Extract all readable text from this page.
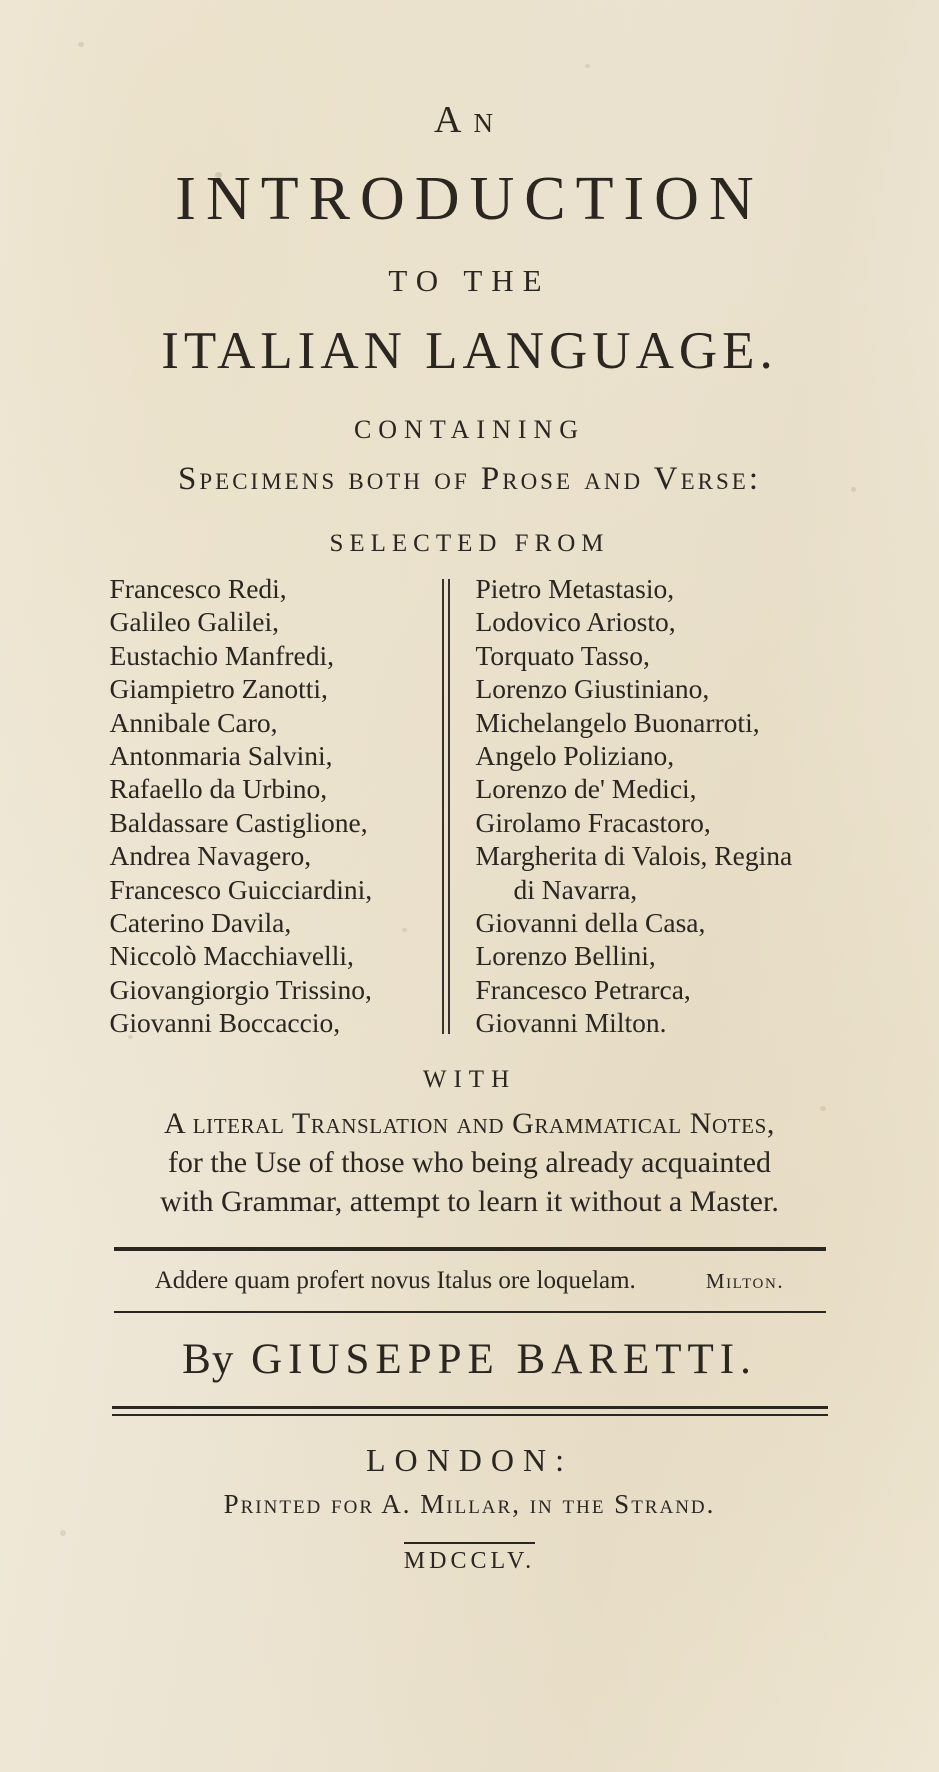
An
INTRODUCTION
TO THE
ITALIAN LANGUAGE.
CONTAINING
Specimens both of Prose and Verse:
SELECTED FROM
Francesco Redi,
Galileo Galilei,
Eustachio Manfredi,
Giampietro Zanotti,
Annibale Caro,
Antonmaria Salvini,
Rafaello da Urbino,
Baldassare Castiglione,
Andrea Navagero,
Francesco Guicciardini,
Caterino Davila,
Niccolò Macchiavelli,
Giovangiorgio Trissino,
Giovanni Boccaccio,
Pietro Metastasio,
Lodovico Ariosto,
Torquato Tasso,
Lorenzo Giustiniano,
Michelangelo Buonarroti,
Angelo Poliziano,
Lorenzo de' Medici,
Girolamo Fracastoro,
Margherita di Valois, Regina
di Navarra,
Giovanni della Casa,
Lorenzo Bellini,
Francesco Petrarca,
Giovanni Milton.
WITH
A literal Translation and Grammatical Notes,
for the Use of those who being already acquainted
with Grammar, attempt to learn it without a Master.
Addere quam profert novus Italus ore loquelam.	Milton.
By GIUSEPPE BARETTI.
LONDON:
Printed for A. Millar, in the Strand.
MDCCLV.
